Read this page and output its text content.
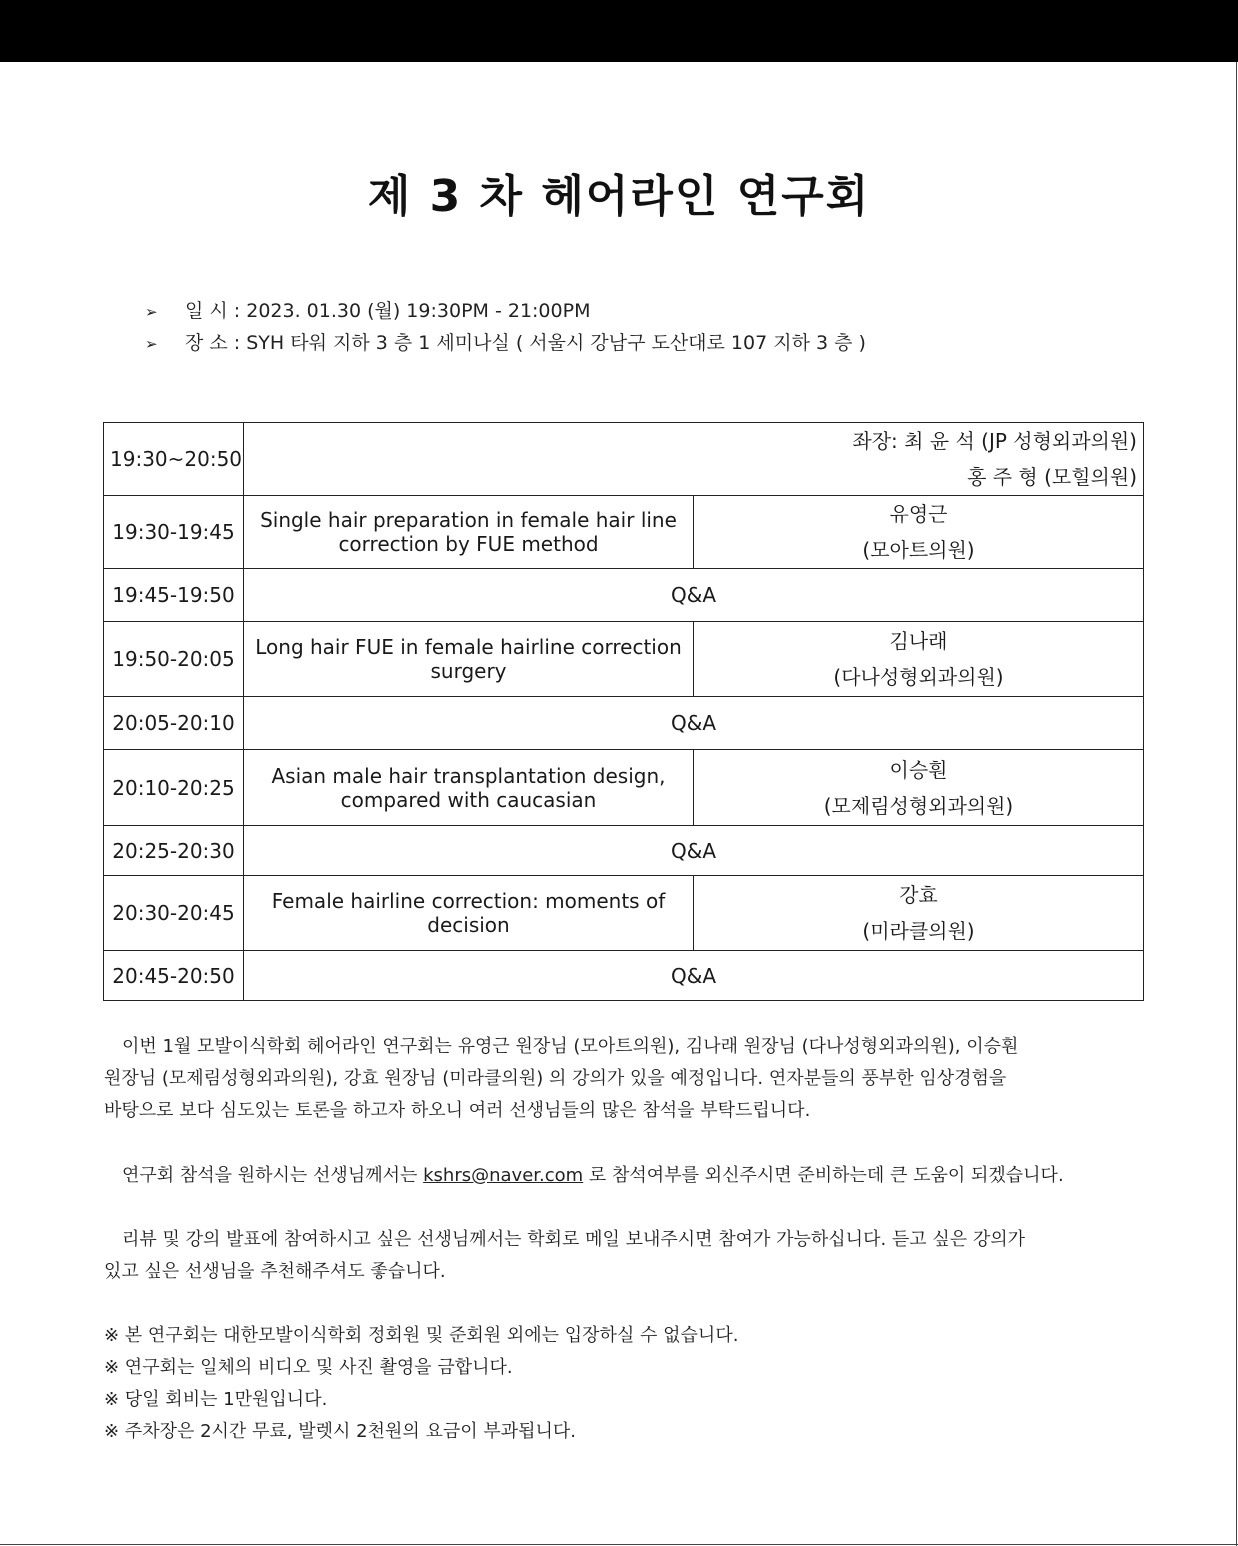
제 3 차 헤어라인 연구회
➢ 일 시 : 2023. 01.30 (월) 19:30PM - 21:00PM
➢ 장 소 : SYH 타워 지하 3 층 1 세미나실 ( 서울시 강남구 도산대로 107 지하 3 층 )
19:30~20:50	좌장: 최 윤 석 (JP 성형외과의원)
홍 주 형 (모힐의원)	

19:30-19:45	Single hair preparation in female hair line correction by FUE method	유영근
(모아트의원)

19:45-19:50	Q&A	
19:50-20:05	Long hair FUE in female hairline correction surgery	김나래
(다나성형외과의원)

20:05-20:10	Q&A	
20:10-20:25	Asian male hair transplantation design, compared with caucasian	이승훤
(모제림성형외과의원)

20:25-20:30	Q&A	
20:30-20:45	Female hairline correction: moments of decision	강효
(미라클의원)

20:45-20:50	Q&A	
이번 1월 모발이식학회 헤어라인 연구회는 유영근 원장님 (모아트의원), 김나래 원장님 (다나성형외과의원), 이승훤
원장님 (모제림성형외과의원), 강효 원장님 (미라클의원) 의 강의가 있을 예정입니다. 연자분들의 풍부한 임상경험을
바탕으로 보다 심도있는 토론을 하고자 하오니 여러 선생님들의 많은 참석을 부탁드립니다.
연구회 참석을 원하시는 선생님께서는 kshrs@naver.com 로 참석여부를 외신주시면 준비하는데 큰 도움이 되겠습니다.
리뷰 및 강의 발표에 참여하시고 싶은 선생님께서는 학회로 메일 보내주시면 참여가 가능하십니다. 듣고 싶은 강의가
있고 싶은 선생님을 추천해주셔도 좋습니다.
※ 본 연구회는 대한모발이식학회 정회원 및 준회원 외에는 입장하실 수 없습니다.
※ 연구회는 일체의 비디오 및 사진 촬영을 금합니다.
※ 당일 회비는 1만원입니다.
※ 주차장은 2시간 무료, 발렛시 2천원의 요금이 부과됩니다.
